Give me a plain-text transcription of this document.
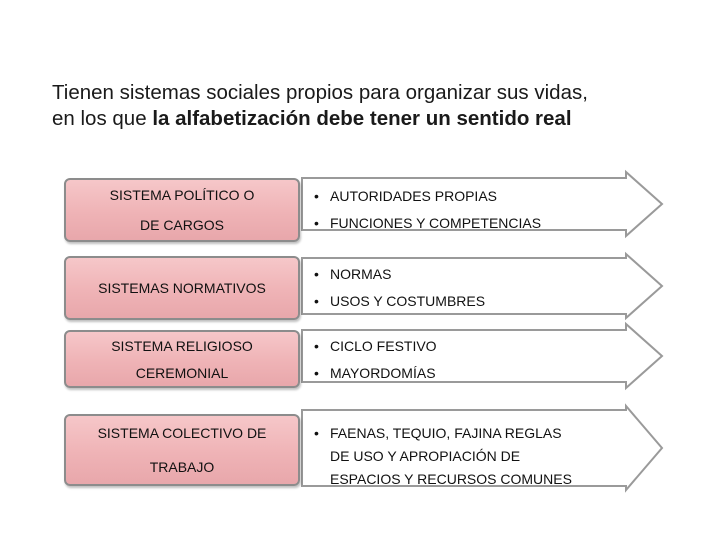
Tienen sistemas sociales propios para organizar sus vidas,
en los que la alfabetización debe tener un sentido real
SISTEMA POLÍTICO O
DE CARGOS
• AUTORIDADES PROPIAS
• FUNCIONES Y COMPETENCIAS
SISTEMAS NORMATIVOS
• NORMAS
• USOS Y COSTUMBRES
SISTEMA RELIGIOSO
CEREMONIAL
• CICLO FESTIVO
• MAYORDOMÍAS
SISTEMA COLECTIVO DE
TRABAJO
• FAENAS, TEQUIO, FAJINA REGLAS
DE USO Y APROPIACIÓN DE
ESPACIOS Y RECURSOS COMUNES
